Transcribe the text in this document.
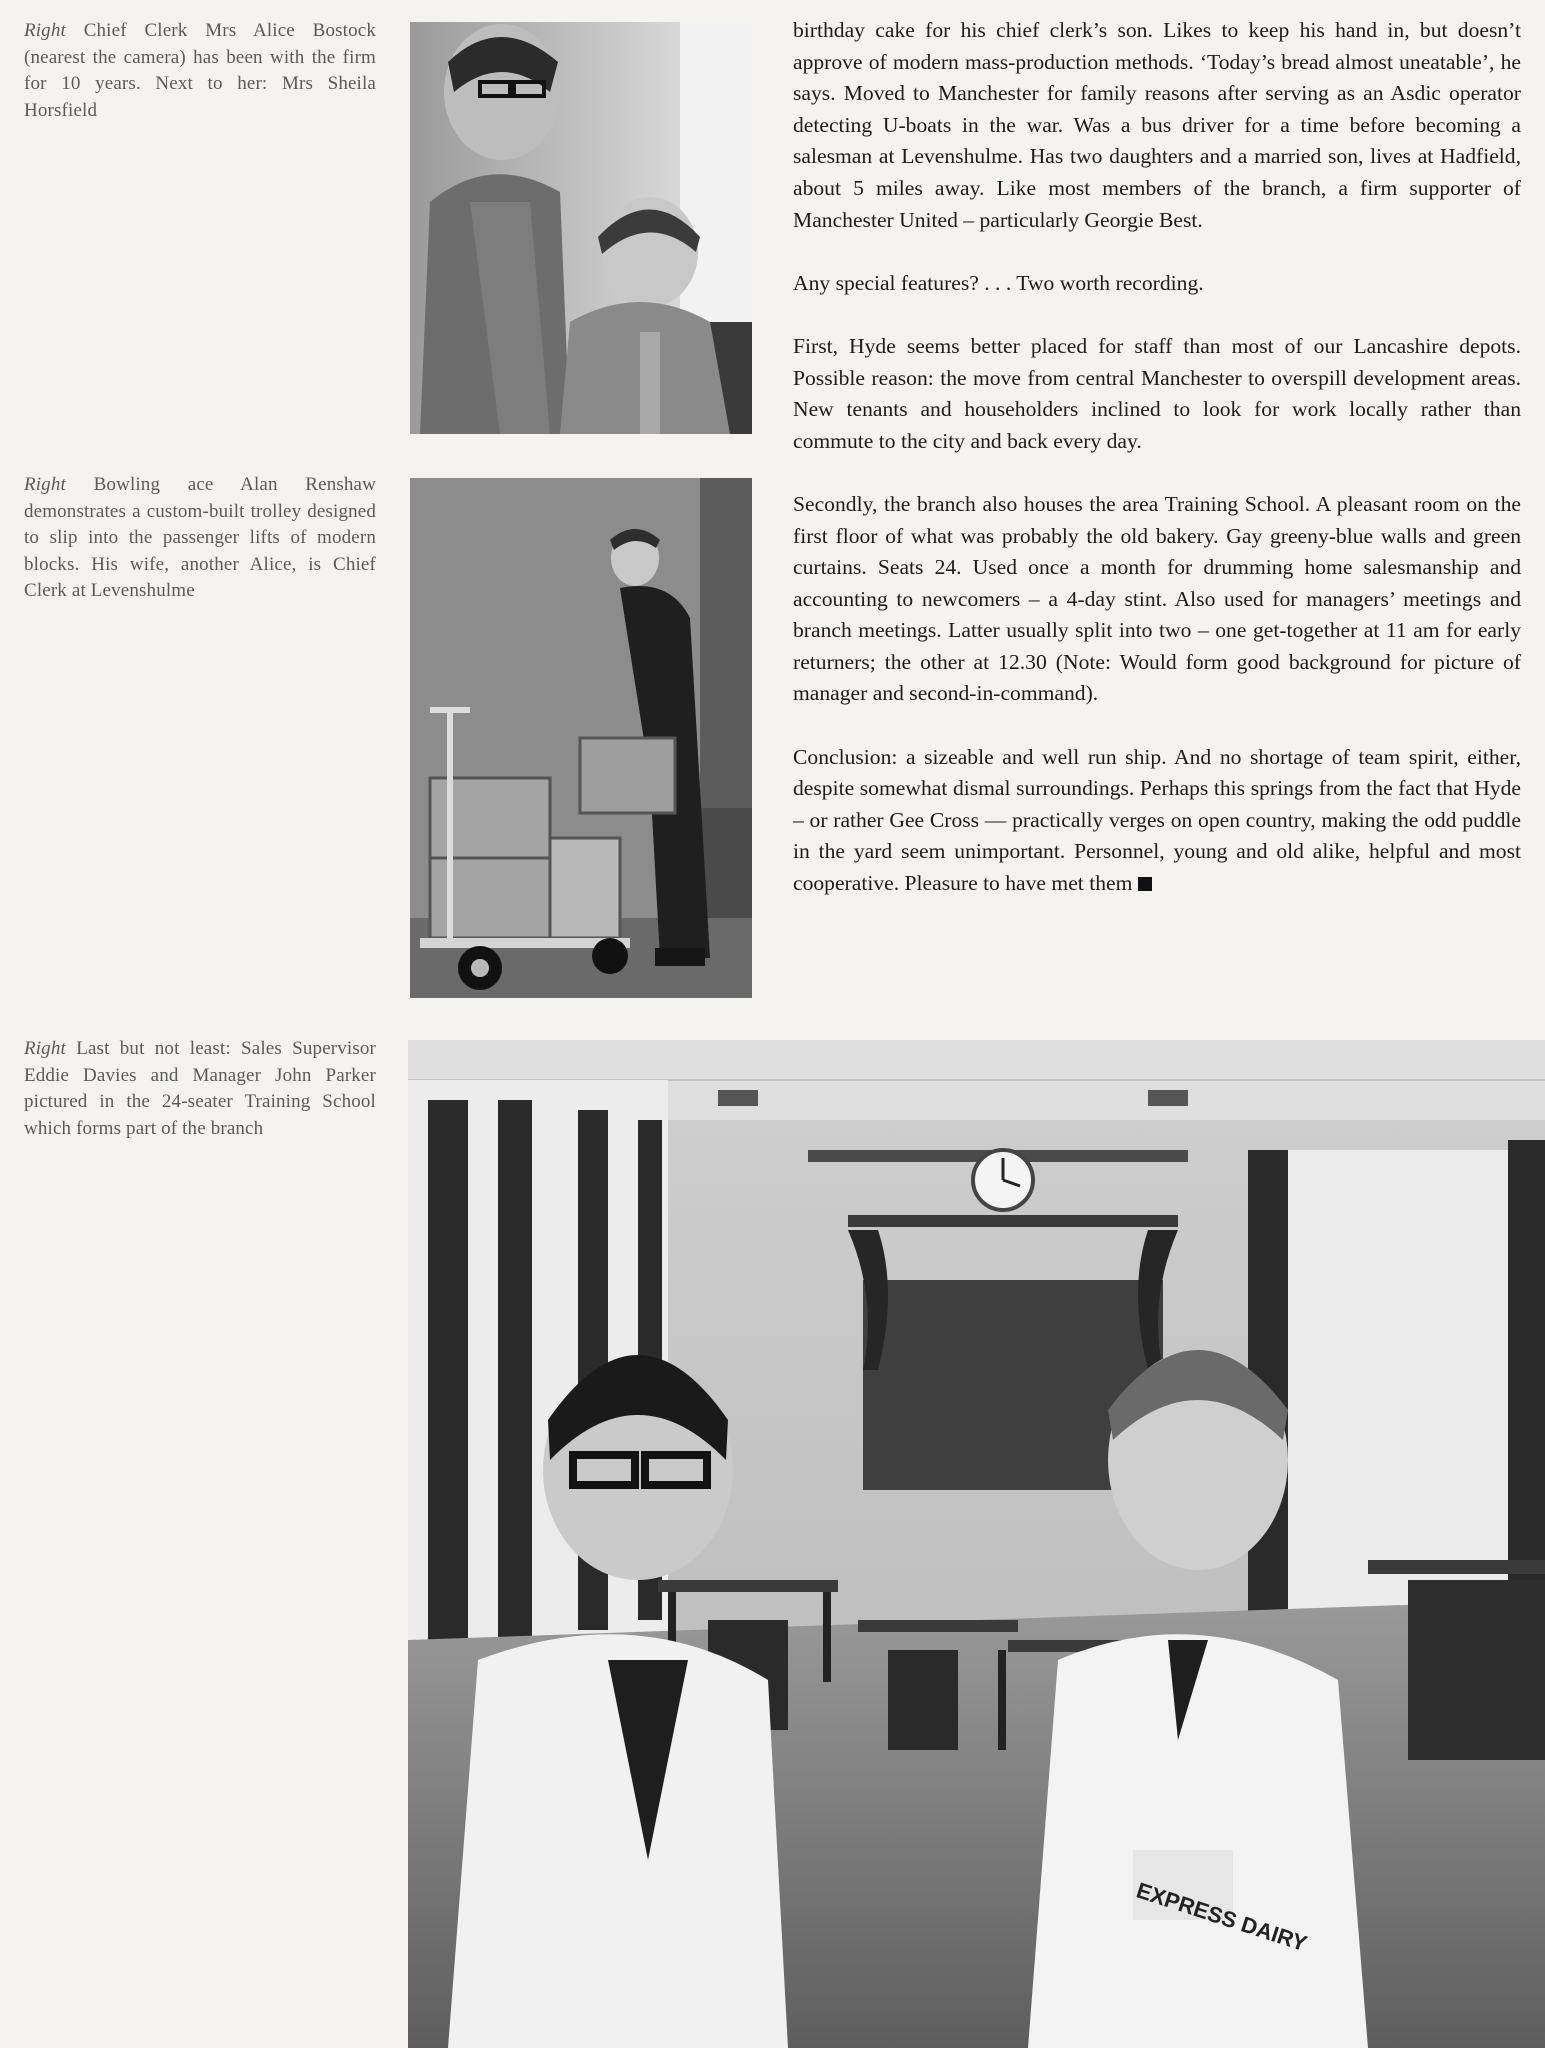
Right Chief Clerk Mrs Alice Bostock (nearest the camera) has been with the firm for 10 years. Next to her: Mrs Sheila Horsfield
Right Bowling ace Alan Renshaw demonstrates a custom-built trolley designed to slip into the passenger lifts of modern blocks. His wife, another Alice, is Chief Clerk at Levenshulme
Right Last but not least: Sales Supervisor Eddie Davies and Manager John Parker pictured in the 24-seater Training School which forms part of the branch

birthday cake for his chief clerk’s son. Likes to keep his hand in, but doesn’t approve of modern mass-production methods. ‘Today’s bread almost uneatable’, he says. Moved to Manchester for family reasons after serving as an Asdic operator detecting U-boats in the war. Was a bus driver for a time before becoming a salesman at Levenshulme. Has two daughters and a married son, lives at Hadfield, about 5 miles away. Like most members of the branch, a firm supporter of Manchester United – particularly Georgie Best.

Any special features? . . . Two worth recording.

First, Hyde seems better placed for staff than most of our Lancashire depots. Possible reason: the move from central Manchester to overspill development areas. New tenants and householders inclined to look for work locally rather than commute to the city and back every day.

Secondly, the branch also houses the area Training School. A pleasant room on the first floor of what was probably the old bakery. Gay greeny-blue walls and green curtains. Seats 24. Used once a month for drumming home salesmanship and accounting to newcomers – a 4-day stint. Also used for managers’ meetings and branch meetings. Latter usually split into two – one get-together at 11 am for early returners; the other at 12.30 (Note: Would form good background for picture of manager and second-in-command).

Conclusion: a sizeable and well run ship. And no shortage of team spirit, either, despite somewhat dismal surroundings. Perhaps this springs from the fact that Hyde – or rather Gee Cross — practically verges on open country, making the odd puddle in the yard seem unimportant. Personnel, young and old alike, helpful and most cooperative. Pleasure to have met them

EXPRESS DAIRY
